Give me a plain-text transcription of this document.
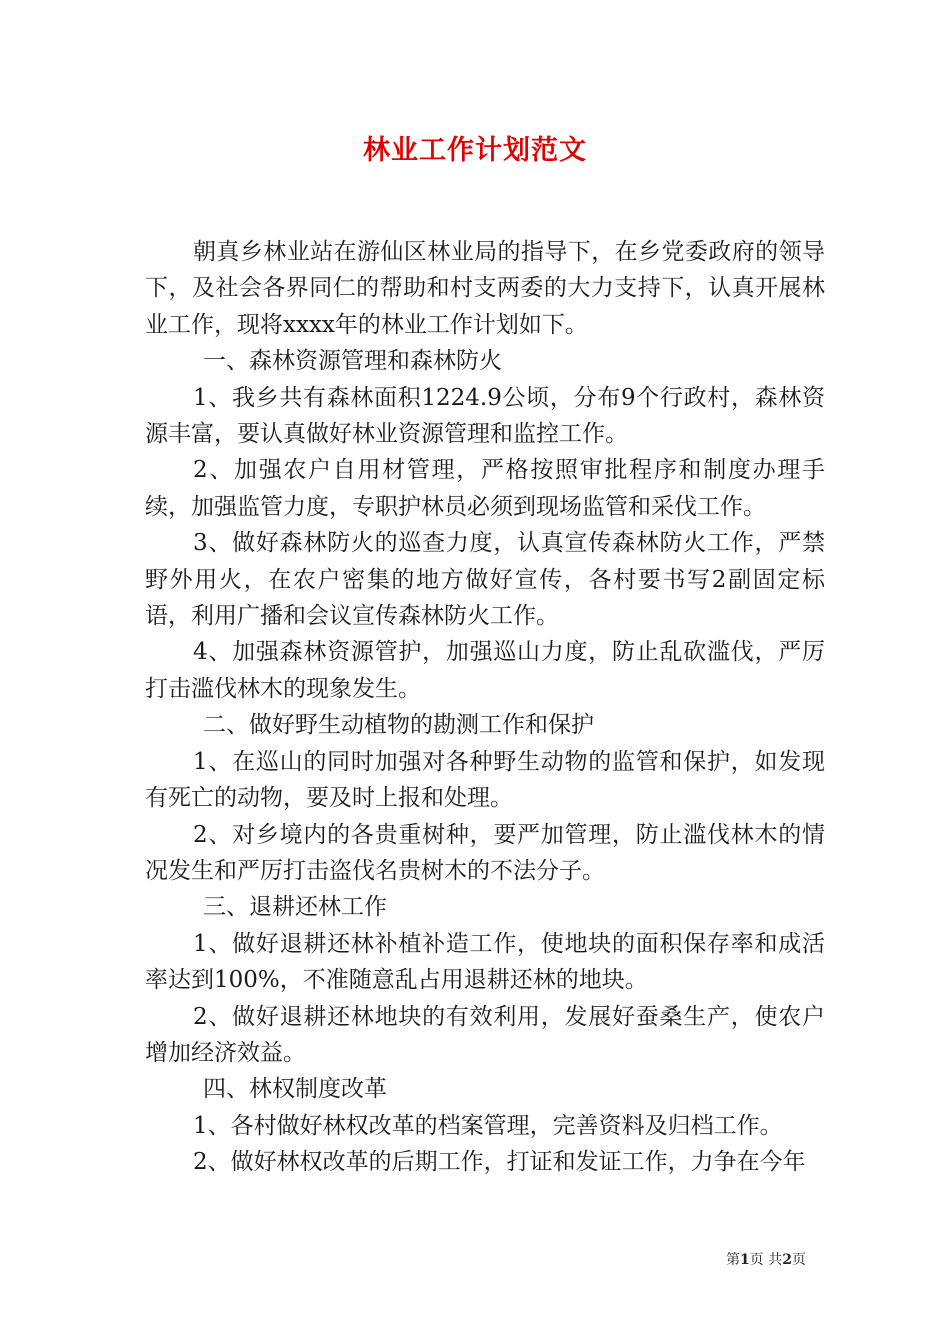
林业工作计划范文

朝真乡林业站在游仙区林业局的指导下，在乡党委政府的领导下，及社会各界同仁的帮助和村支两委的大力支持下，认真开展林业工作，现将xxxx年的林业工作计划如下。

一、森林资源管理和森林防火

1、我乡共有森林面积1224.9公顷，分布9个行政村，森林资源丰富，要认真做好林业资源管理和监控工作。

2、加强农户自用材管理，严格按照审批程序和制度办理手续，加强监管力度，专职护林员必须到现场监管和采伐工作。

3、做好森林防火的巡查力度，认真宣传森林防火工作，严禁野外用火，在农户密集的地方做好宣传，各村要书写2副固定标语，利用广播和会议宣传森林防火工作。

4、加强森林资源管护，加强巡山力度，防止乱砍滥伐，严厉打击滥伐林木的现象发生。

二、做好野生动植物的勘测工作和保护

1、在巡山的同时加强对各种野生动物的监管和保护，如发现有死亡的动物，要及时上报和处理。

2、对乡境内的各贵重树种，要严加管理，防止滥伐林木的情况发生和严厉打击盗伐名贵树木的不法分子。

三、退耕还林工作

1、做好退耕还林补植补造工作，使地块的面积保存率和成活率达到100%，不准随意乱占用退耕还林的地块。

2、做好退耕还林地块的有效利用，发展好蚕桑生产，使农户增加经济效益。

四、林权制度改革

1、各村做好林权改革的档案管理，完善资料及归档工作。

2、做好林权改革的后期工作，打证和发证工作，力争在今年

第1页 共2页
